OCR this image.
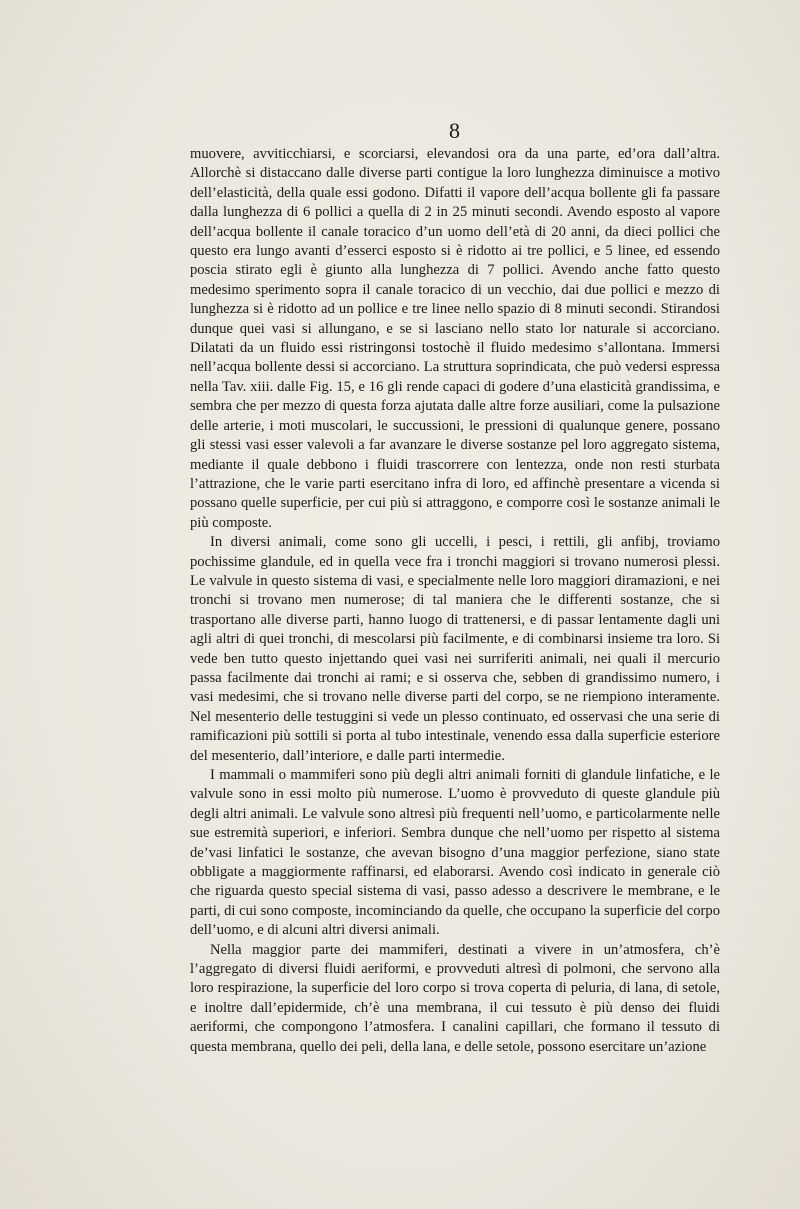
8

muovere, avviticchiarsi, e scorciarsi, elevandosi ora da una parte, ed’ora dall’altra. Allorchè si distaccano dalle diverse parti contigue la loro lunghezza diminuisce a motivo dell’elasticità, della quale essi godono. Difatti il vapore dell’acqua bollente gli fa passare dalla lunghezza di 6 pollici a quella di 2 in 25 minuti secondi. Avendo esposto al vapore dell’acqua bollente il canale toracico d’un uomo dell’età di 20 anni, da dieci pollici che questo era lungo avanti d’esserci esposto si è ridotto ai tre pollici, e 5 linee, ed essendo poscia stirato egli è giunto alla lunghezza di 7 pollici. Avendo anche fatto questo medesimo sperimento sopra il canale toracico di un vecchio, dai due pollici e mezzo di lunghezza si è ridotto ad un pollice e tre linee nello spazio di 8 minuti secondi. Stirandosi dunque quei vasi si allungano, e se si lasciano nello stato lor naturale si accorciano. Dilatati da un fluido essi ristringonsi tostochè il fluido medesimo s’allontana. Immersi nell’acqua bollente dessi si accorciano. La struttura soprindicata, che può vedersi espressa nella Tav. xiii. dalle Fig. 15, e 16 gli rende capaci di godere d’una elasticità grandissima, e sembra che per mezzo di questa forza ajutata dalle altre forze ausiliari, come la pulsazione delle arterie, i moti muscolari, le succussioni, le pressioni di qualunque genere, possano gli stessi vasi esser valevoli a far avanzare le diverse sostanze pel loro aggregato sistema, mediante il quale debbono i fluidi trascorrere con lentezza, onde non resti sturbata l’attrazione, che le varie parti esercitano infra di loro, ed affinchè presentare a vicenda si possano quelle superficie, per cui più si attraggono, e comporre così le sostanze animali le più composte.

In diversi animali, come sono gli uccelli, i pesci, i rettili, gli anfibj, troviamo pochissime glandule, ed in quella vece fra i tronchi maggiori si trovano numerosi plessi. Le valvule in questo sistema di vasi, e specialmente nelle loro maggiori diramazioni, e nei tronchi si trovano men numerose; di tal maniera che le differenti sostanze, che si trasportano alle diverse parti, hanno luogo di trattenersi, e di passar lentamente dagli uni agli altri di quei tronchi, di mescolarsi più facilmente, e di combinarsi insieme tra loro. Si vede ben tutto questo injettando quei vasi nei surriferiti animali, nei quali il mercurio passa facilmente dai tronchi ai rami; e si osserva che, sebben di grandissimo numero, i vasi medesimi, che si trovano nelle diverse parti del corpo, se ne riempiono interamente. Nel mesenterio delle testuggini si vede un plesso continuato, ed osservasi che una serie di ramificazioni più sottili si porta al tubo intestinale, venendo essa dalla superficie esteriore del mesenterio, dall’interiore, e dalle parti intermedie.

I mammali o mammiferi sono più degli altri animali forniti di glandule linfatiche, e le valvule sono in essi molto più numerose. L’uomo è provveduto di queste glandule più degli altri animali. Le valvule sono altresì più frequenti nell’uomo, e particolarmente nelle sue estremità superiori, e inferiori. Sembra dunque che nell’uomo per rispetto al sistema de’vasi linfatici le sostanze, che avevan bisogno d’una maggior perfezione, siano state obbligate a maggiormente raffinarsi, ed elaborarsi. Avendo così indicato in generale ciò che riguarda questo special sistema di vasi, passo adesso a descrivere le membrane, e le parti, di cui sono composte, incominciando da quelle, che occupano la superficie del corpo dell’uomo, e di alcuni altri diversi animali.

Nella maggior parte dei mammiferi, destinati a vivere in un’atmosfera, ch’è l’aggregato di diversi fluidi aeriformi, e provveduti altresì di polmoni, che servono alla loro respirazione, la superficie del loro corpo si trova coperta di peluria, di lana, di setole, e inoltre dall’epidermide, ch’è una membrana, il cui tessuto è più denso dei fluidi aeriformi, che compongono l’atmosfera. I canalini capillari, che formano il tessuto di questa membrana, quello dei peli, della lana, e delle setole, possono esercitare un’azione
